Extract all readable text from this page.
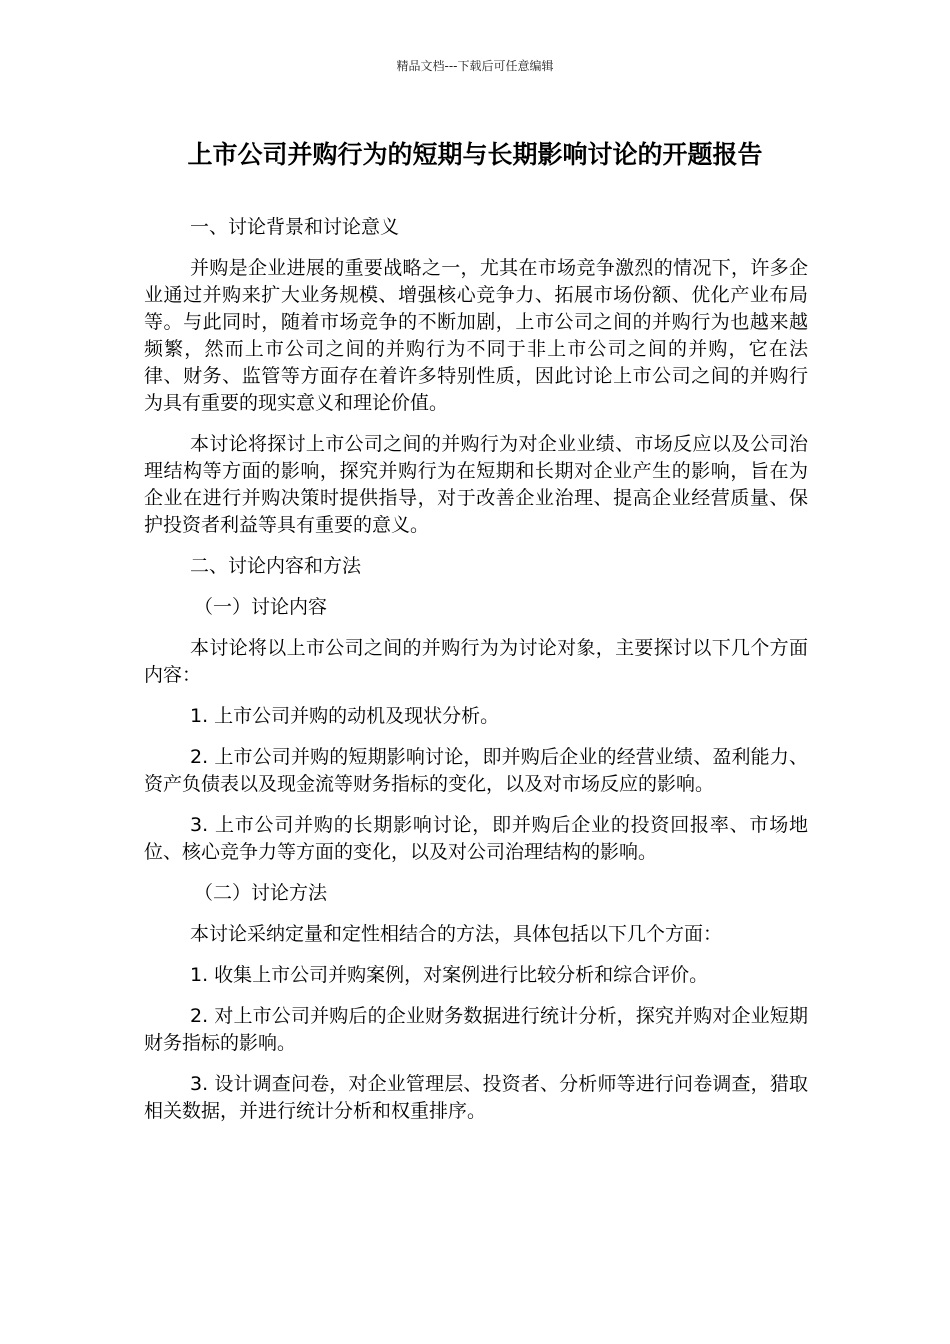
精品文档---下载后可任意编辑
上市公司并购行为的短期与长期影响讨论的开题报告

一、讨论背景和讨论意义

并购是企业进展的重要战略之一，尤其在市场竞争激烈的情况下，许多企业通过并购来扩大业务规模、增强核心竞争力、拓展市场份额、优化产业布局等。与此同时，随着市场竞争的不断加剧，上市公司之间的并购行为也越来越频繁，然而上市公司之间的并购行为不同于非上市公司之间的并购，它在法律、财务、监管等方面存在着许多特别性质，因此讨论上市公司之间的并购行为具有重要的现实意义和理论价值。

本讨论将探讨上市公司之间的并购行为对企业业绩、市场反应以及公司治理结构等方面的影响，探究并购行为在短期和长期对企业产生的影响，旨在为企业在进行并购决策时提供指导，对于改善企业治理、提高企业经营质量、保护投资者利益等具有重要的意义。

二、讨论内容和方法

（一）讨论内容

本讨论将以上市公司之间的并购行为为讨论对象，主要探讨以下几个方面内容：

1. 上市公司并购的动机及现状分析。

2. 上市公司并购的短期影响讨论，即并购后企业的经营业绩、盈利能力、资产负债表以及现金流等财务指标的变化，以及对市场反应的影响。

3. 上市公司并购的长期影响讨论，即并购后企业的投资回报率、市场地位、核心竞争力等方面的变化，以及对公司治理结构的影响。

（二）讨论方法

本讨论采纳定量和定性相结合的方法，具体包括以下几个方面：

1. 收集上市公司并购案例，对案例进行比较分析和综合评价。

2. 对上市公司并购后的企业财务数据进行统计分析，探究并购对企业短期财务指标的影响。

3. 设计调查问卷，对企业管理层、投资者、分析师等进行问卷调查，猎取相关数据，并进行统计分析和权重排序。
